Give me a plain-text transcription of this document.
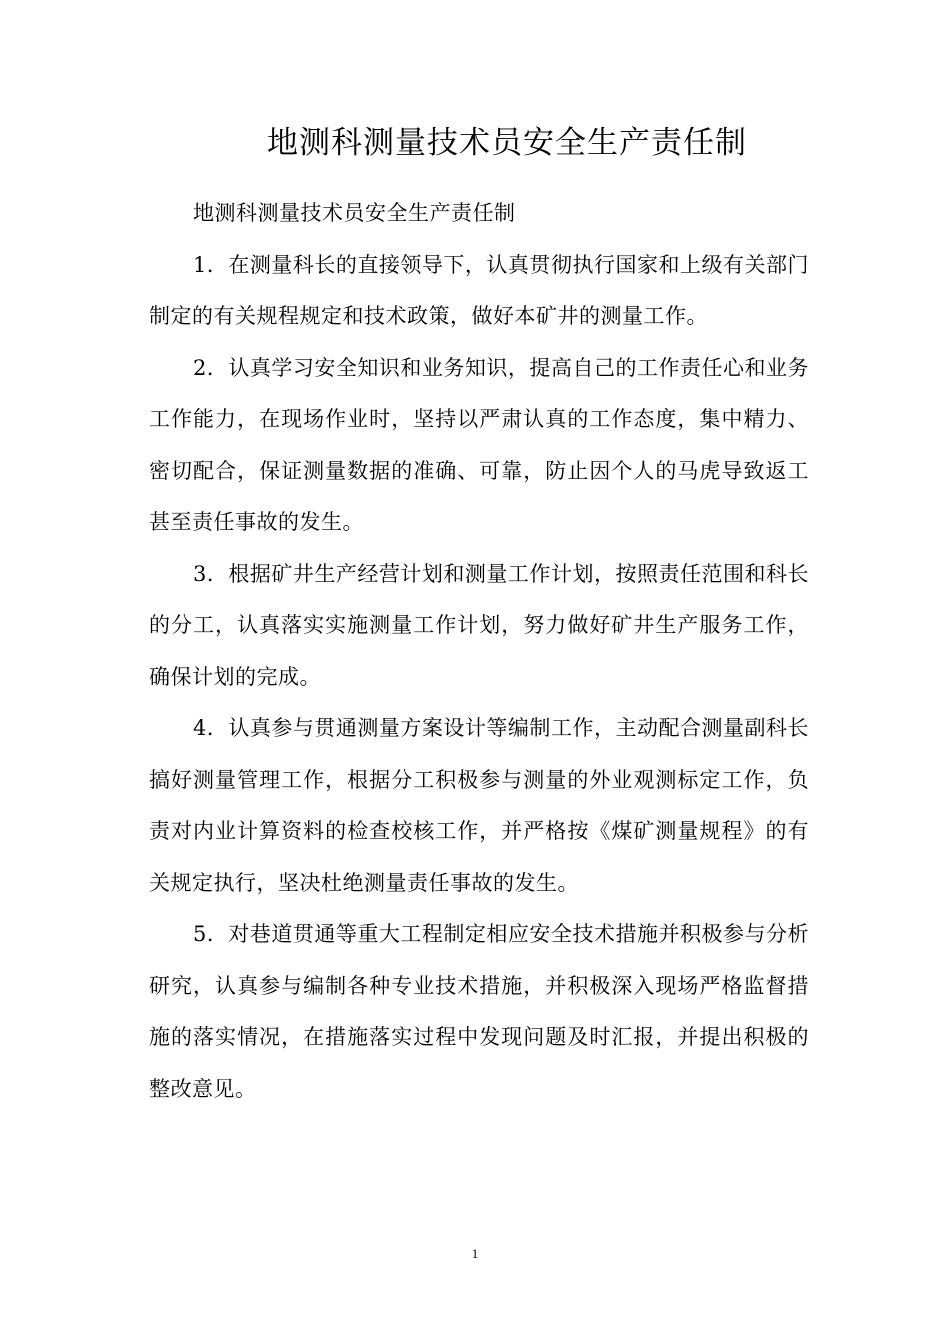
地测科测量技术员安全生产责任制

地测科测量技术员安全生产责任制

1．在测量科长的直接领导下，认真贯彻执行国家和上级有关部门制定的有关规程规定和技术政策，做好本矿井的测量工作。

2．认真学习安全知识和业务知识，提高自己的工作责任心和业务工作能力，在现场作业时，坚持以严肃认真的工作态度，集中精力、密切配合，保证测量数据的准确、可靠，防止因个人的马虎导致返工甚至责任事故的发生。

3．根据矿井生产经营计划和测量工作计划，按照责任范围和科长的分工，认真落实实施测量工作计划，努力做好矿井生产服务工作，确保计划的完成。

4．认真参与贯通测量方案设计等编制工作，主动配合测量副科长搞好测量管理工作，根据分工积极参与测量的外业观测标定工作，负责对内业计算资料的检查校核工作，并严格按《煤矿测量规程》的有关规定执行，坚决杜绝测量责任事故的发生。

5．对巷道贯通等重大工程制定相应安全技术措施并积极参与分析研究，认真参与编制各种专业技术措施，并积极深入现场严格监督措施的落实情况，在措施落实过程中发现问题及时汇报，并提出积极的整改意见。

1
